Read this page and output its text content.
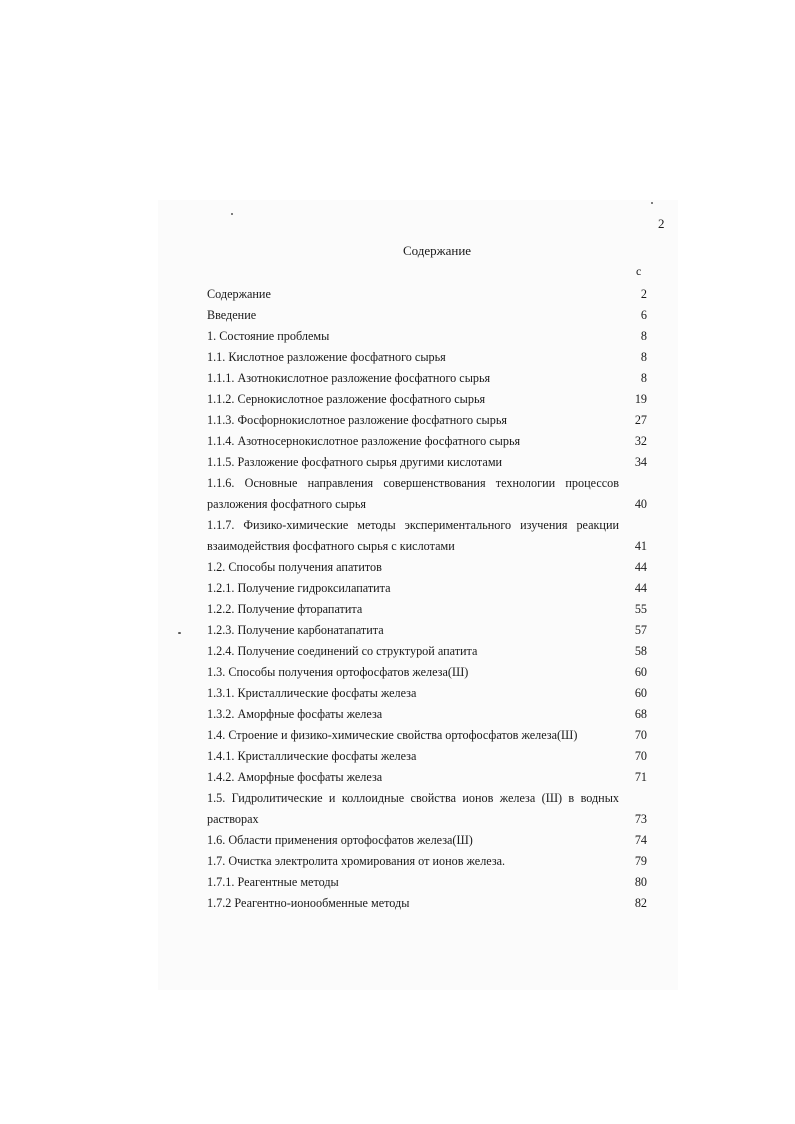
2
Содержание
с
Содержание	2
Введение	6
1. Состояние проблемы	8
1.1. Кислотное разложение фосфатного сырья	8
1.1.1. Азотнокислотное разложение фосфатного сырья	8
1.1.2. Сернокислотное разложение фосфатного сырья	19
1.1.3. Фосфорнокислотное разложение фосфатного сырья	27
1.1.4. Азотносернокислотное разложение фосфатного сырья	32
1.1.5. Разложение фосфатного сырья другими кислотами	34
1.1.6. Основные направления совершенствования технологии процессов
разложения фосфатного сырья	40
1.1.7. Физико-химические методы экспериментального изучения реакции
взаимодействия фосфатного сырья с кислотами	41
1.2. Способы получения апатитов	44
1.2.1. Получение гидроксилапатита	44
1.2.2. Получение фторапатита	55
1.2.3. Получение карбонатапатита	57
1.2.4. Получение соединений со структурой апатита	58
1.3. Способы получения ортофосфатов железа(Ш)	60
1.3.1. Кристаллические фосфаты железа	60
1.3.2. Аморфные фосфаты железа	68
1.4. Строение и физико-химические свойства ортофосфатов железа(Ш)	70
1.4.1. Кристаллические фосфаты железа	70
1.4.2. Аморфные фосфаты железа	71
1.5. Гидролитические и коллоидные свойства ионов железа (Ш) в водных
растворах	73
1.6. Области применения ортофосфатов железа(Ш)	74
1.7. Очистка электролита хромирования от ионов железа.	79
1.7.1. Реагентные методы	80
1.7.2 Реагентно-ионообменные методы	82
